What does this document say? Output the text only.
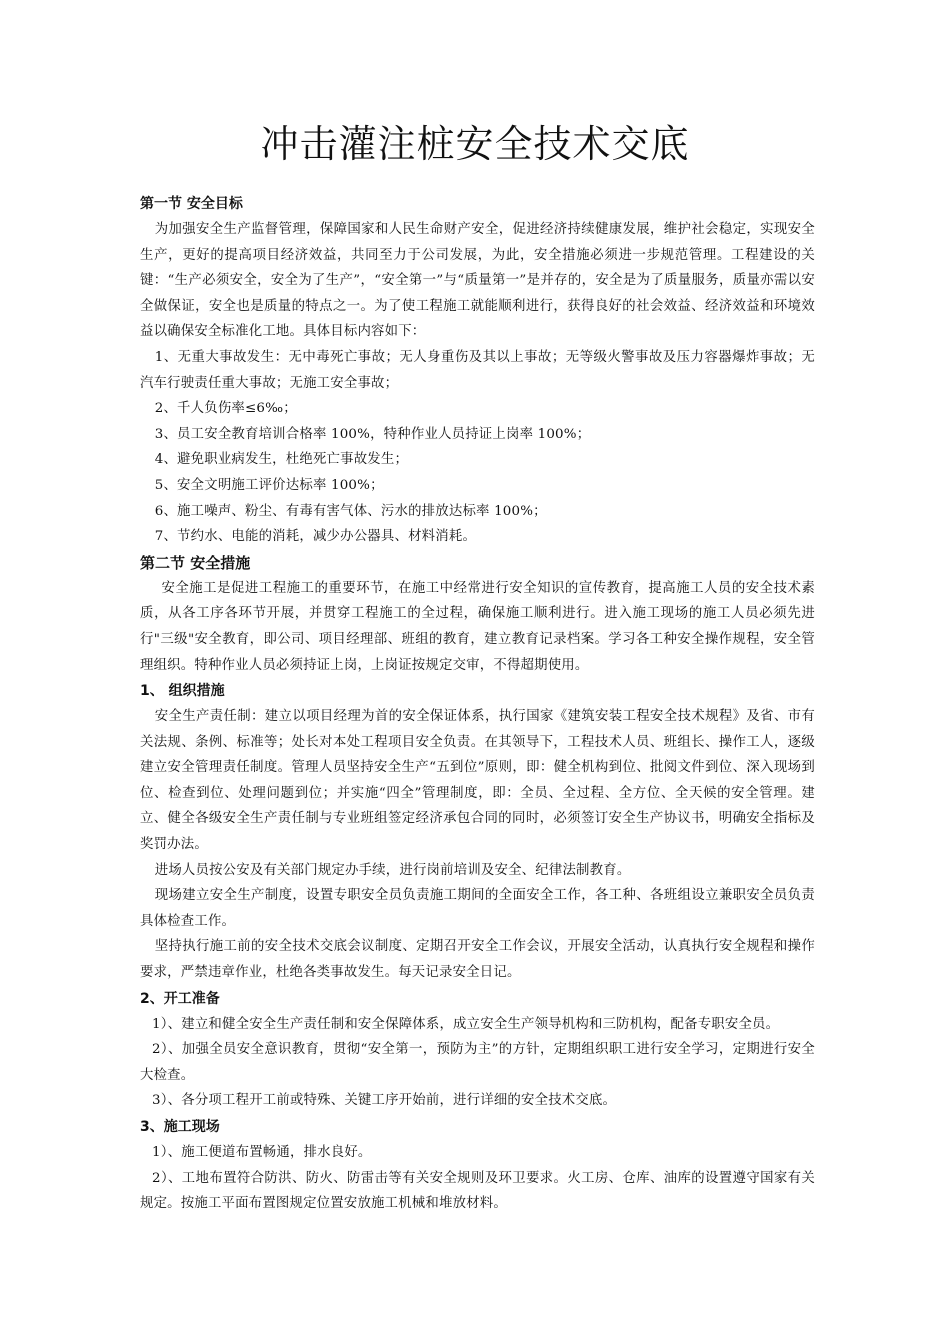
冲击灌注桩安全技术交底

第一节 安全目标

为加强安全生产监督管理，保障国家和人民生命财产安全，促进经济持续健康发展，维护社会稳定，实现安全生产，更好的提高项目经济效益，共同至力于公司发展，为此，安全措施必须进一步规范管理。工程建设的关键：“生产必须安全，安全为了生产”，“安全第一”与“质量第一”是并存的，安全是为了质量服务，质量亦需以安全做保证，安全也是质量的特点之一。为了使工程施工就能顺利进行，获得良好的社会效益、经济效益和环境效益以确保安全标准化工地。具体目标内容如下：

1、无重大事故发生：无中毒死亡事故；无人身重伤及其以上事故；无等级火警事故及压力容器爆炸事故；无汽车行驶责任重大事故；无施工安全事故；

2、千人负伤率≤6‰；

3、员工安全教育培训合格率 100%，特种作业人员持证上岗率 100%；

4、避免职业病发生，杜绝死亡事故发生；

5、安全文明施工评价达标率 100%；

6、施工噪声、粉尘、有毒有害气体、污水的排放达标率 100%；

7、节约水、电能的消耗，减少办公器具、材料消耗。

第二节 安全措施

安全施工是促进工程施工的重要环节，在施工中经常进行安全知识的宣传教育，提高施工人员的安全技术素质，从各工序各环节开展，并贯穿工程施工的全过程，确保施工顺利进行。进入施工现场的施工人员必须先进行"三级"安全教育，即公司、项目经理部、班组的教育，建立教育记录档案。学习各工种安全操作规程，安全管理组织。特种作业人员必须持证上岗，上岗证按规定交审，不得超期使用。

1、 组织措施

安全生产责任制：建立以项目经理为首的安全保证体系，执行国家《建筑安装工程安全技术规程》及省、市有关法规、条例、标准等；处长对本处工程项目安全负责。在其领导下，工程技术人员、班组长、操作工人，逐级建立安全管理责任制度。管理人员坚持安全生产“五到位”原则，即：健全机构到位、批阅文件到位、深入现场到位、检查到位、处理问题到位；并实施“四全”管理制度，即：全员、全过程、全方位、全天候的安全管理。建立、健全各级安全生产责任制与专业班组签定经济承包合同的同时，必须签订安全生产协议书，明确安全指标及奖罚办法。

进场人员按公安及有关部门规定办手续，进行岗前培训及安全、纪律法制教育。

现场建立安全生产制度，设置专职安全员负责施工期间的全面安全工作，各工种、各班组设立兼职安全员负责具体检查工作。

坚持执行施工前的安全技术交底会议制度、定期召开安全工作会议，开展安全活动，认真执行安全规程和操作要求，严禁违章作业，杜绝各类事故发生。每天记录安全日记。

2、开工准备

1）、建立和健全安全生产责任制和安全保障体系，成立安全生产领导机构和三防机构，配备专职安全员。

2）、加强全员安全意识教育，贯彻“安全第一，预防为主”的方针，定期组织职工进行安全学习，定期进行安全大检查。

3）、各分项工程开工前或特殊、关键工序开始前，进行详细的安全技术交底。

3、施工现场

1）、施工便道布置畅通，排水良好。

2）、工地布置符合防洪、防火、防雷击等有关安全规则及环卫要求。火工房、仓库、油库的设置遵守国家有关规定。按施工平面布置图规定位置安放施工机械和堆放材料。
